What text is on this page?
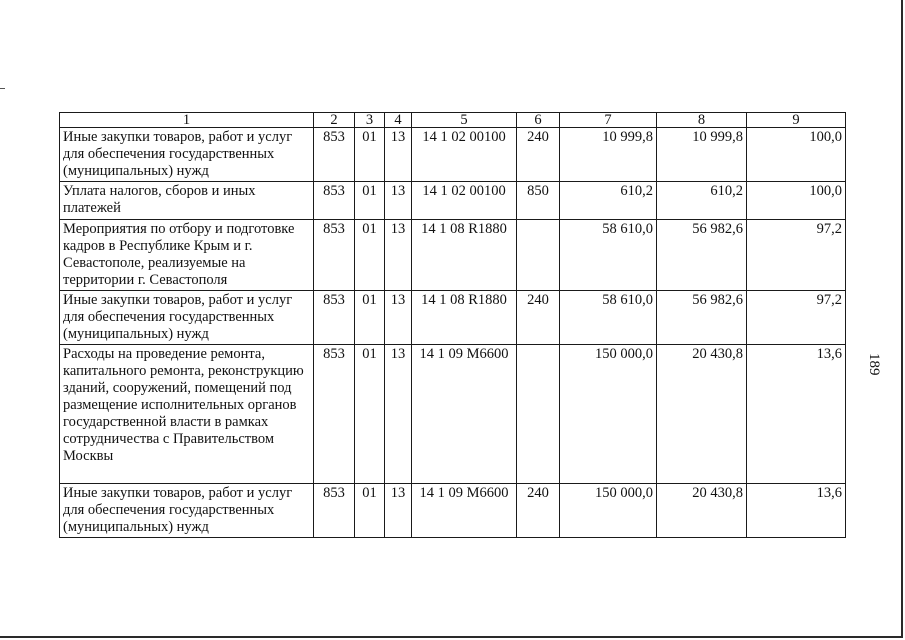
189
1	2	3	4	5	6	7	8	9
Иные закупки товаров, работ и услуг для обеспечения государственных (муниципальных) нужд	853	01	13	14 1 02 00100	240	10 999,8	10 999,8	100,0
Уплата налогов, сборов и иных платежей	853	01	13	14 1 02 00100	850	610,2	610,2	100,0
Мероприятия по отбору и подготовке кадров в Республике Крым и г. Севастополе, реализуемые на территории г. Севастополя	853	01	13	14 1 08 R1880		58 610,0	56 982,6	97,2
Иные закупки товаров, работ и услуг для обеспечения государственных (муниципальных) нужд	853	01	13	14 1 08 R1880	240	58 610,0	56 982,6	97,2
Расходы на проведение ремонта, капитального ремонта, реконструкцию зданий, сооружений, помещений под размещение исполнительных органов государственной власти в рамках сотрудничества с Правительством Москвы	853	01	13	14 1 09 M6600		150 000,0	20 430,8	13,6
Иные закупки товаров, работ и услуг для обеспечения государственных (муниципальных) нужд	853	01	13	14 1 09 M6600	240	150 000,0	20 430,8	13,6
